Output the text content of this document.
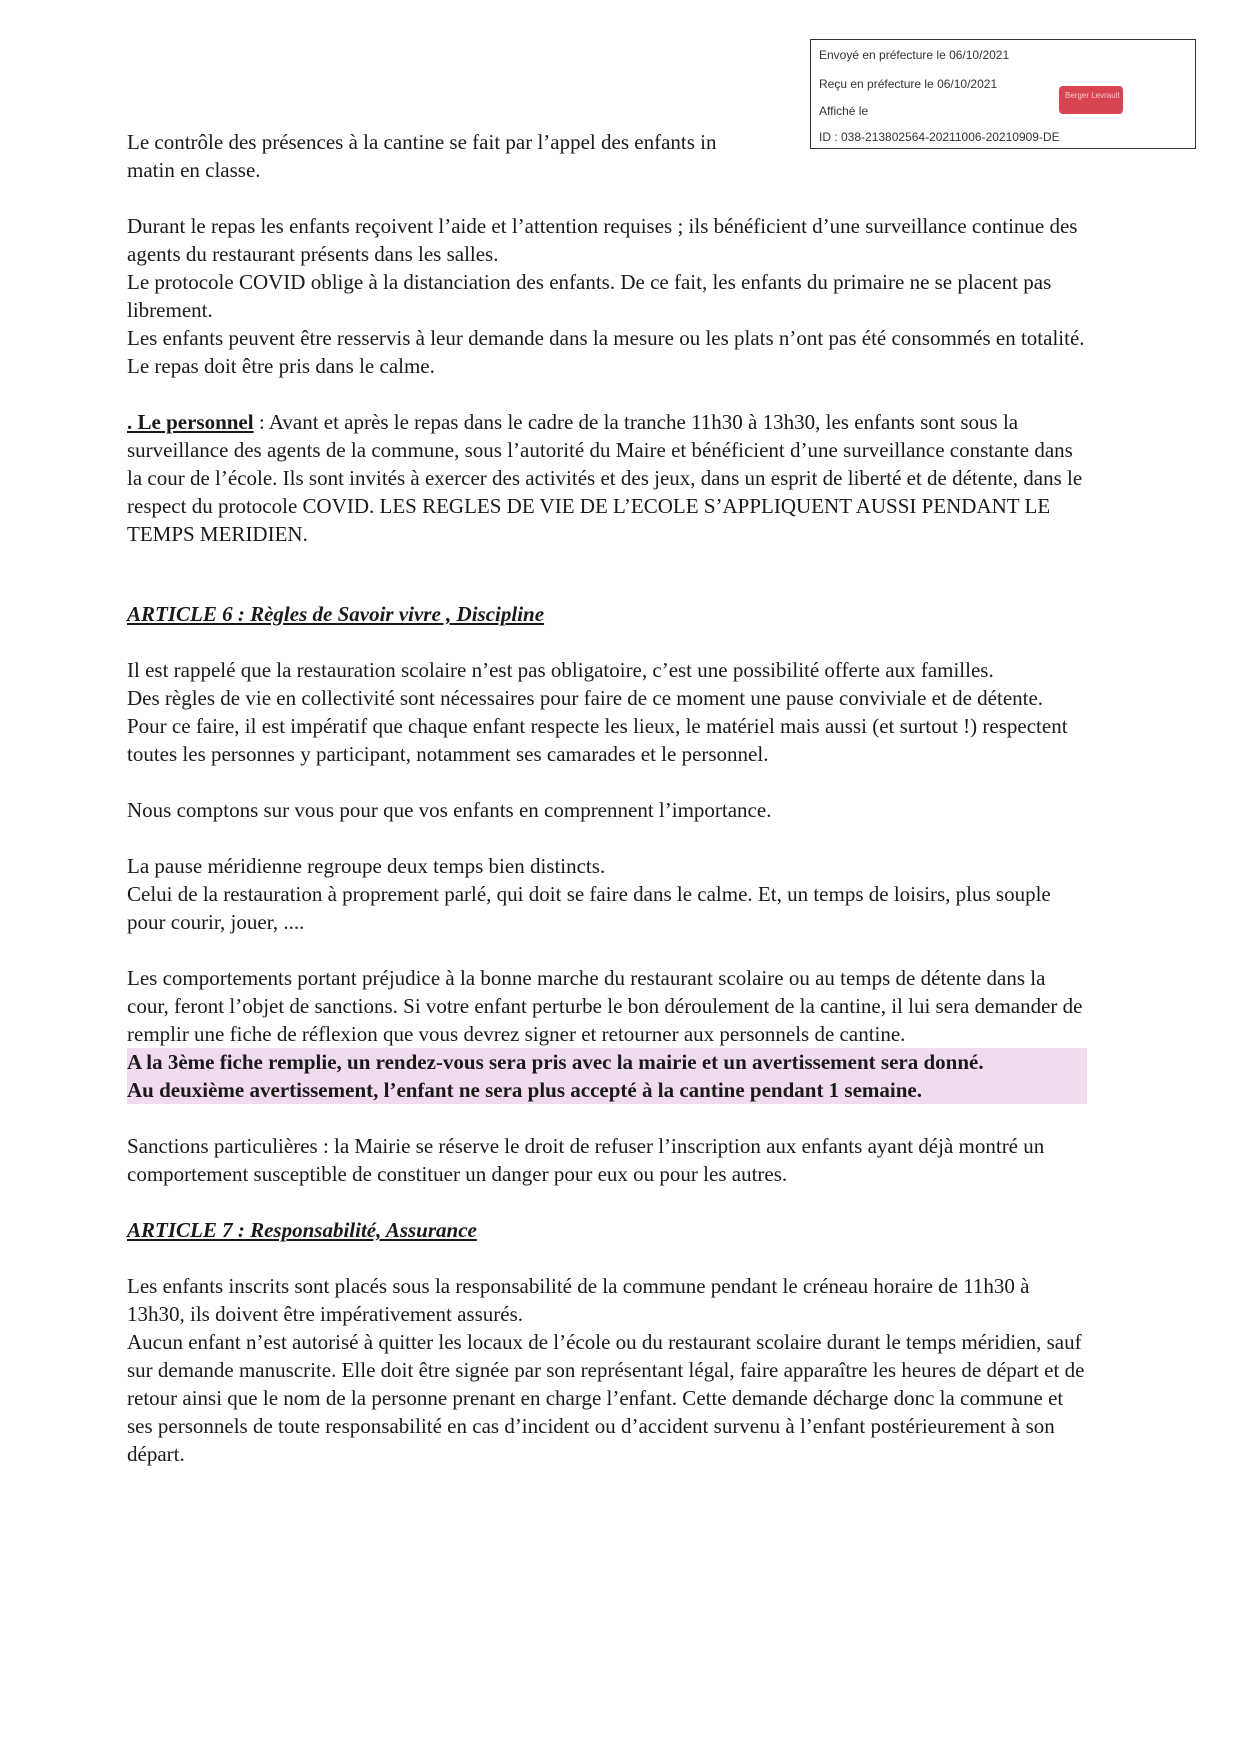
Le contrôle des présences à la cantine se fait par l’appel des enfants in
matin en classe.

Durant le repas les enfants reçoivent l’aide et l’attention requises ; ils bénéficient d’une surveillance continue des agents du restaurant présents dans les salles.

Le protocole COVID oblige à la distanciation des enfants. De ce fait, les enfants du primaire ne se placent pas librement.

Les enfants peuvent être resservis à leur demande dans la mesure ou les plats n’ont pas été consommés en totalité.

Le repas doit être pris dans le calme.

. Le personnel : Avant et après le repas dans le cadre de la tranche 11h30 à 13h30, les enfants sont sous la surveillance des agents de la commune, sous l’autorité du Maire et bénéficient d’une surveillance constante dans la cour de l’école. Ils sont invités à exercer des activités et des jeux, dans un esprit de liberté et de détente, dans le respect du protocole COVID. LES REGLES DE VIE DE L’ECOLE S’APPLIQUENT AUSSI PENDANT LE TEMPS MERIDIEN.

ARTICLE 6 : Règles de Savoir vivre , Discipline

Il est rappelé que la restauration scolaire n’est pas obligatoire, c’est une possibilité offerte aux familles.

Des règles de vie en collectivité sont nécessaires pour faire de ce moment une pause conviviale et de détente.

Pour ce faire, il est impératif que chaque enfant respecte les lieux, le matériel mais aussi (et surtout !) respectent toutes les personnes y participant, notamment ses camarades et le personnel.

Nous comptons sur vous pour que vos enfants en comprennent l’importance.

La pause méridienne regroupe deux temps bien distincts.

Celui de la restauration à proprement parlé, qui doit se faire dans le calme. Et, un temps de loisirs, plus souple pour courir, jouer, ....

Les comportements portant préjudice à la bonne marche du restaurant scolaire ou au temps de détente dans la cour, feront l’objet de sanctions. Si votre enfant perturbe le bon déroulement de la cantine, il lui sera demander de remplir une fiche de réflexion que vous devrez signer et retourner aux personnels de cantine.

A la 3ème fiche remplie, un rendez-vous sera pris avec la mairie et un avertissement sera donné.

Au deuxième avertissement, l’enfant ne sera plus accepté à la cantine pendant 1 semaine.

Sanctions particulières : la Mairie se réserve le droit de refuser l’inscription aux enfants ayant déjà montré un comportement susceptible de constituer un danger pour eux ou pour les autres.

ARTICLE 7 : Responsabilité, Assurance

Les enfants inscrits sont placés sous la responsabilité de la commune pendant le créneau horaire de 11h30 à 13h30, ils doivent être impérativement assurés.

Aucun enfant n’est autorisé à quitter les locaux de l’école ou du restaurant scolaire durant le temps méridien, sauf sur demande manuscrite. Elle doit être signée par son représentant légal, faire apparaître les heures de départ et de retour ainsi que le nom de la personne prenant en charge l’enfant. Cette demande décharge donc la commune et ses personnels de toute responsabilité en cas d’incident ou d’accident survenu à l’enfant postérieurement à son départ.

Envoyé en préfecture le 06/10/2021
Reçu en préfecture le 06/10/2021
Affiché le
ID : 038-213802564-20211006-20210909-DE
Berger Levrault
